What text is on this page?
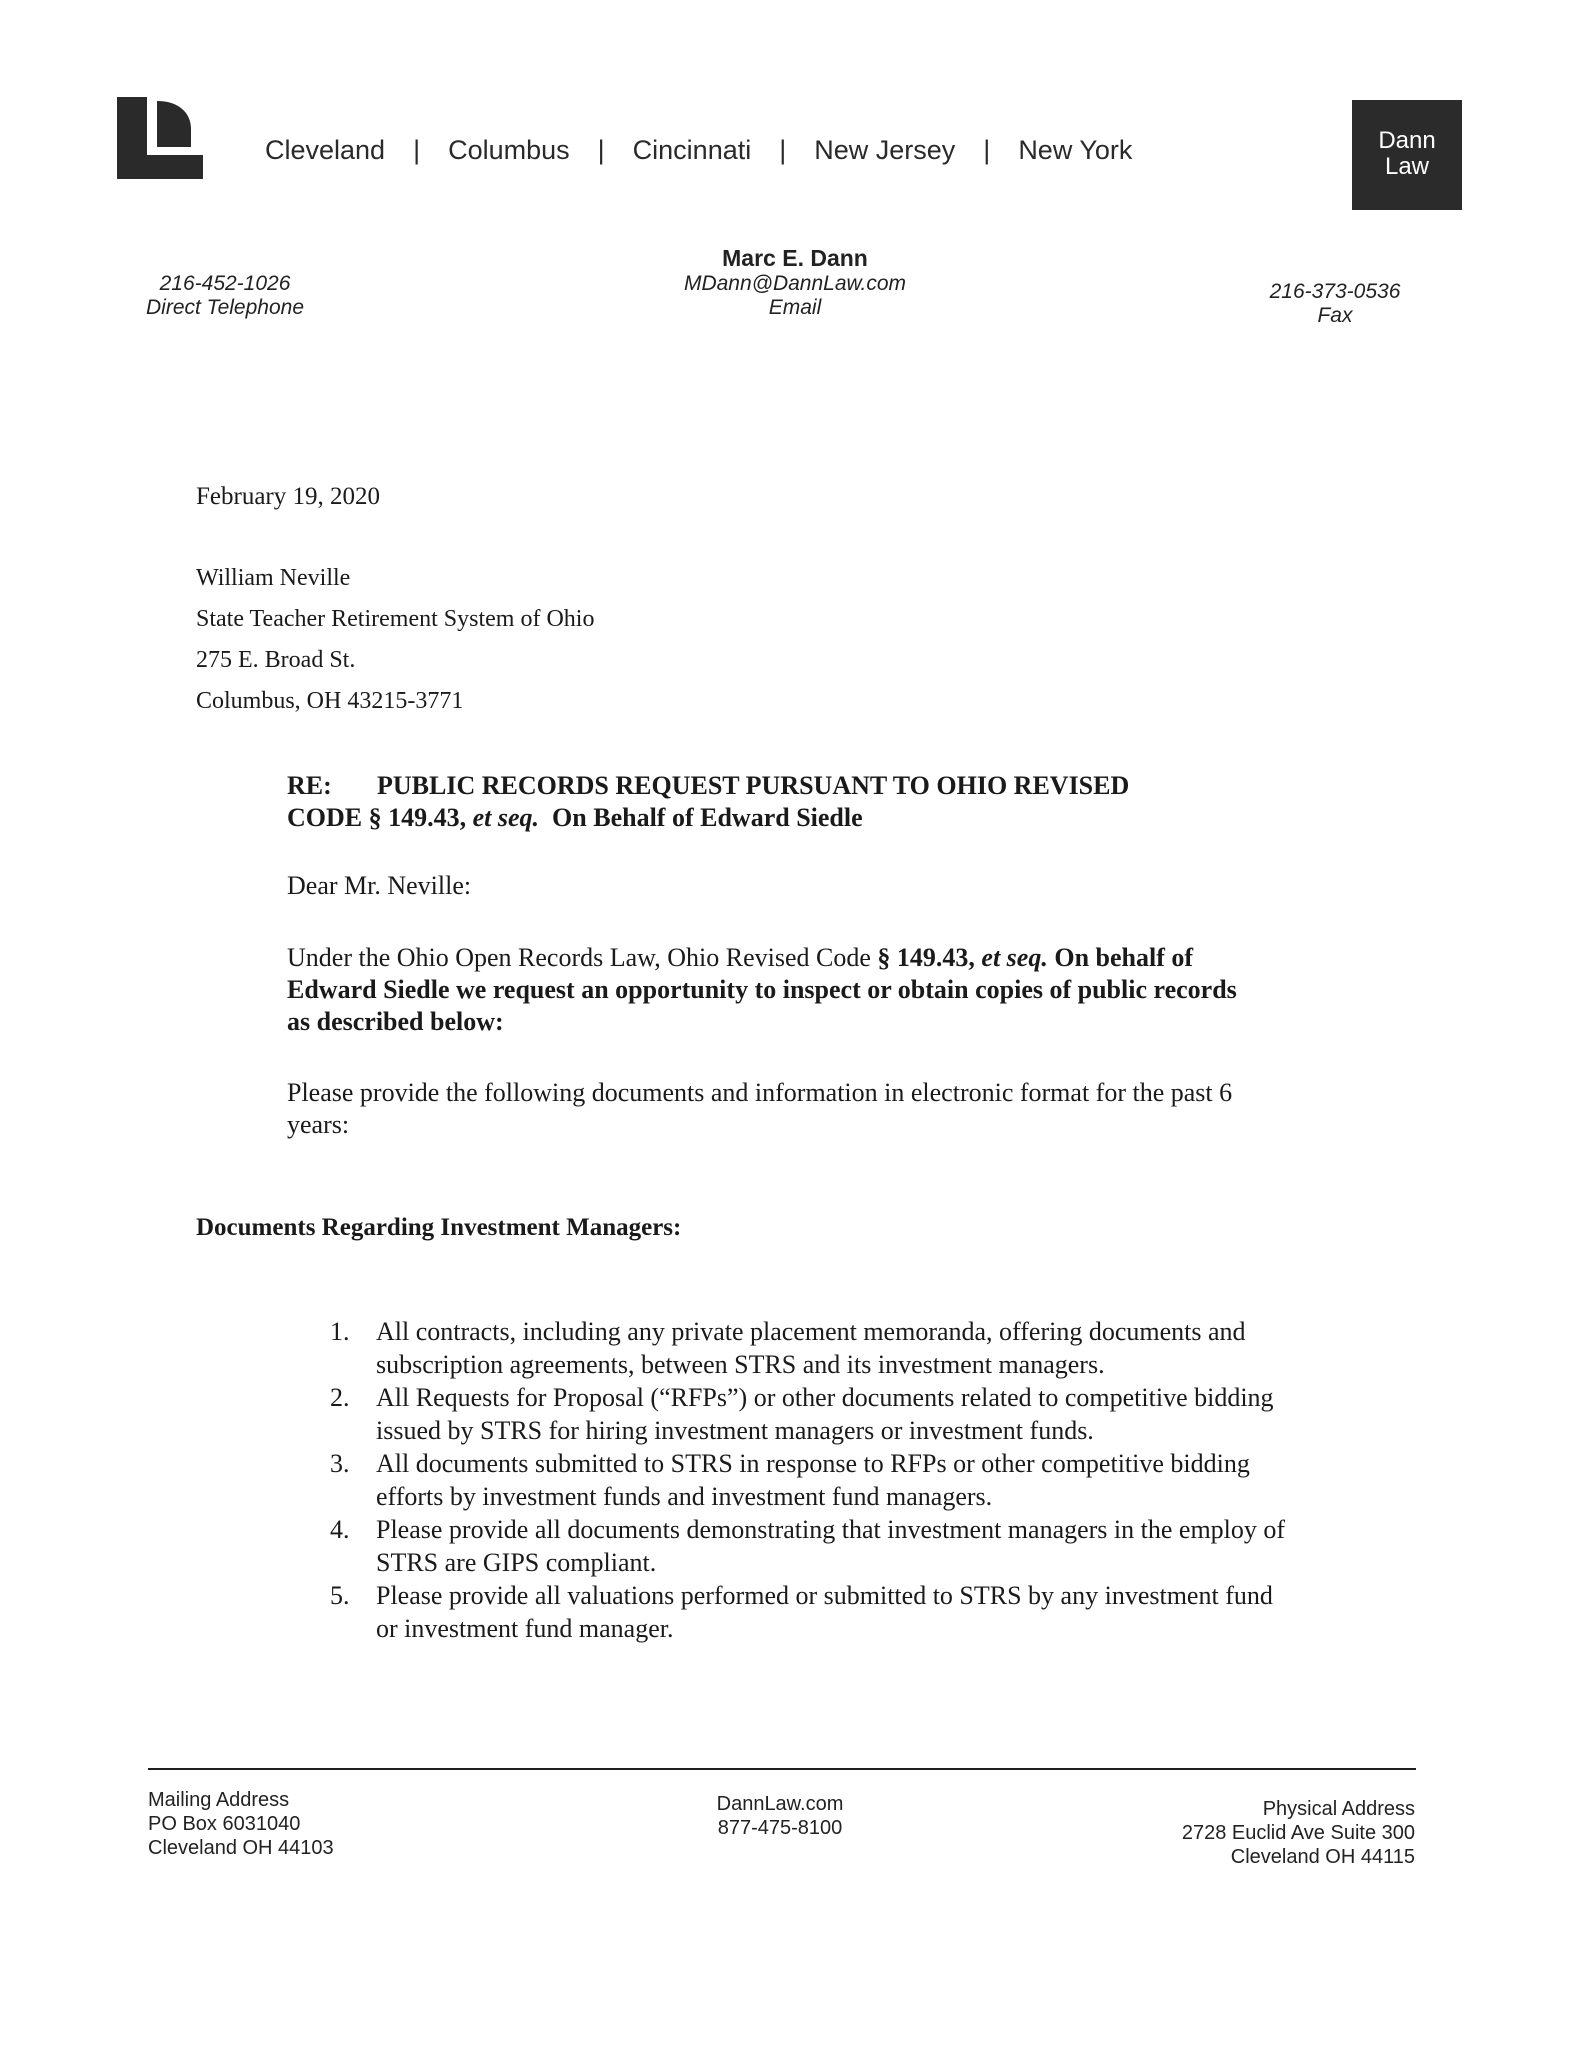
Cleveland | Columbus | Cincinnati | New Jersey | New York	Dann
Law
216-452-1026
Direct Telephone
Marc E. Dann
MDann@DannLaw.com
Email
216-373-0536
Fax
February 19, 2020
William Neville
State Teacher Retirement System of Ohio
275 E. Broad St.
Columbus, OH 43215-3771
RE: PUBLIC RECORDS REQUEST PURSUANT TO OHIO REVISED
CODE § 149.43, et seq.  On Behalf of Edward Siedle
Dear Mr. Neville:
Under the Ohio Open Records Law, Ohio Revised Code § 149.43, et seq. On behalf of Edward Siedle we request an opportunity to inspect or obtain copies of public records as described below:
Please provide the following documents and information in electronic format for the past 6 years:
Documents Regarding Investment Managers:
1. All contracts, including any private placement memoranda, offering documents and subscription agreements, between STRS and its investment managers.
2. All Requests for Proposal (“RFPs”) or other documents related to competitive bidding issued by STRS for hiring investment managers or investment funds.
3. All documents submitted to STRS in response to RFPs or other competitive bidding efforts by investment funds and investment fund managers.
4. Please provide all documents demonstrating that investment managers in the employ of STRS are GIPS compliant.
5. Please provide all valuations performed or submitted to STRS by any investment fund or investment fund manager.
Mailing Address
PO Box 6031040
Cleveland OH 44103
DannLaw.com
877-475-8100
Physical Address
2728 Euclid Ave Suite 300
Cleveland OH 44115
